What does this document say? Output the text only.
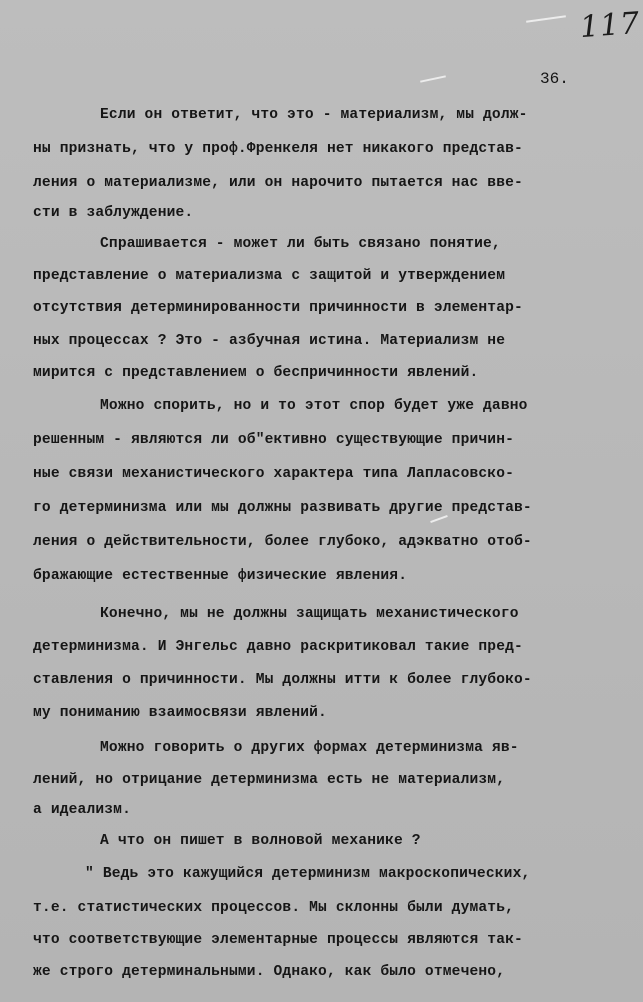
117
36.
Если он ответит, что это - материализм, мы долж-
ны признать, что у проф.Френкеля нет никакого представ-
ления о материализме, или он нарочито пытается нас вве-
сти в заблуждение.
Спрашивается - может ли быть связано понятие,
представление о материализма с защитой и утверждением
отсутствия детерминированности причинности в элементар-
ных процессах ? Это - азбучная истина. Материализм не
мирится с представлением о беспричинности явлений.
Можно спорить, но и то этот спор будет уже давно
решенным - являются ли об"ективно существующие причин-
ные связи механистического характера типа Лапласовско-
го детерминизма или мы должны развивать другие представ-
ления о действительности, более глубоко, адэкватно отоб-
бражающие естественные физические явления.
Конечно, мы не должны защищать механистического
детерминизма. И Энгельс давно раскритиковал такие пред-
ставления о причинности. Мы должны итти к более глубоко-
му пониманию взаимосвязи явлений.
Можно говорить о других формах детерминизма яв-
лений, но отрицание детерминизма есть не материализм,
а идеализм.
А что он пишет в волновой механике ?
" Ведь это кажущийся детерминизм макроскопических,
т.е. статистических процессов. Мы склонны были думать,
что соответствующие элементарные процессы являются так-
же строго детерминальными. Однако, как было отмечено,
